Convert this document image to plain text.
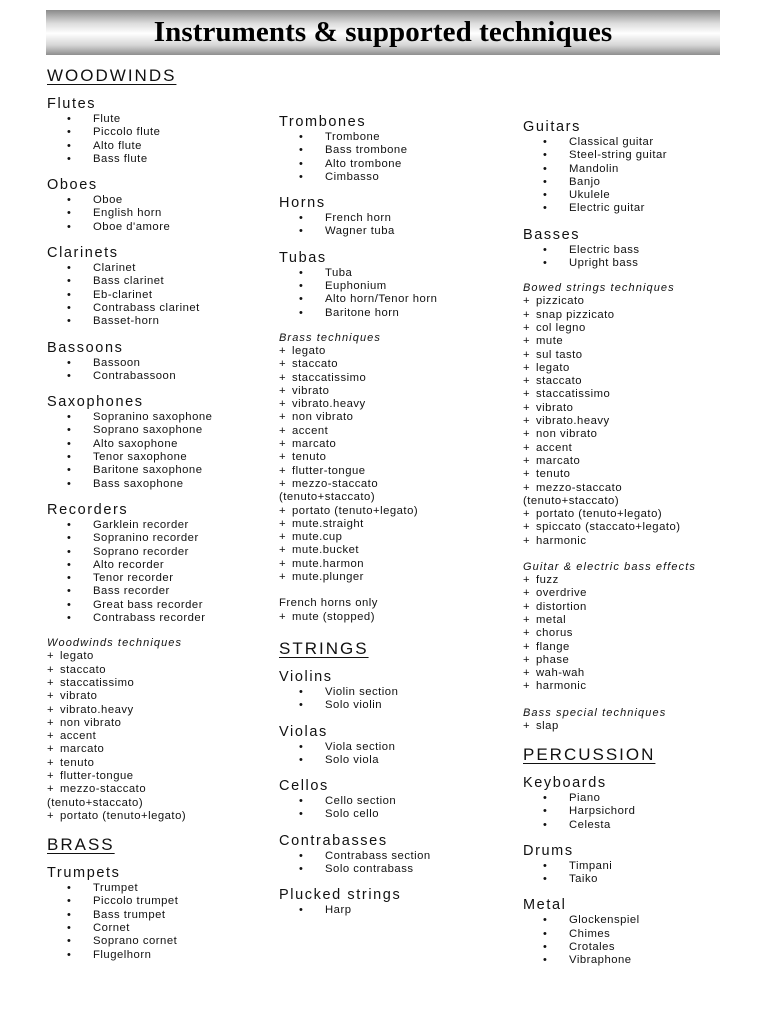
Instruments & supported techniques
WOODWINDS
Flutes
• Flute
• Piccolo flute
• Alto flute
• Bass flute
Oboes
• Oboe
• English horn
• Oboe d'amore
Clarinets
• Clarinet
• Bass clarinet
• Eb-clarinet
• Contrabass clarinet
• Basset-horn
Bassoons
• Bassoon
• Contrabassoon
Saxophones
• Sopranino saxophone
• Soprano saxophone
• Alto saxophone
• Tenor saxophone
• Baritone saxophone
• Bass saxophone
Recorders
• Garklein recorder
• Sopranino recorder
• Soprano recorder
• Alto recorder
• Tenor recorder
• Bass recorder
• Great bass recorder
• Contrabass recorder
Woodwinds techniques
+ legato
+ staccato
+ staccatissimo
+ vibrato
+ vibrato.heavy
+ non vibrato
+ accent
+ marcato
+ tenuto
+ flutter-tongue
+ mezzo-staccato
(tenuto+staccato)
+ portato (tenuto+legato)
BRASS
Trumpets
• Trumpet
• Piccolo trumpet
• Bass trumpet
• Cornet
• Soprano cornet
• Flugelhorn
Trombones
• Trombone
• Bass trombone
• Alto trombone
• Cimbasso
Horns
• French horn
• Wagner tuba
Tubas
• Tuba
• Euphonium
• Alto horn/Tenor horn
• Baritone horn
Brass techniques
+ legato
+ staccato
+ staccatissimo
+ vibrato
+ vibrato.heavy
+ non vibrato
+ accent
+ marcato
+ tenuto
+ flutter-tongue
+ mezzo-staccato
(tenuto+staccato)
+ portato (tenuto+legato)
+ mute.straight
+ mute.cup
+ mute.bucket
+ mute.harmon
+ mute.plunger
French horns only
+ mute (stopped)
STRINGS
Violins
• Violin section
• Solo violin
Violas
• Viola section
• Solo viola
Cellos
• Cello section
• Solo cello
Contrabasses
• Contrabass section
• Solo contrabass
Plucked strings
• Harp
Guitars
• Classical guitar
• Steel-string guitar
• Mandolin
• Banjo
• Ukulele
• Electric guitar
Basses
• Electric bass
• Upright bass
Bowed strings techniques
+ pizzicato
+ snap pizzicato
+ col legno
+ mute
+ sul tasto
+ legato
+ staccato
+ staccatissimo
+ vibrato
+ vibrato.heavy
+ non vibrato
+ accent
+ marcato
+ tenuto
+ mezzo-staccato
(tenuto+staccato)
+ portato (tenuto+legato)
+ spiccato (staccato+legato)
+ harmonic
Guitar & electric bass effects
+ fuzz
+ overdrive
+ distortion
+ metal
+ chorus
+ flange
+ phase
+ wah-wah
+ harmonic
Bass special techniques
+ slap
PERCUSSION
Keyboards
• Piano
• Harpsichord
• Celesta
Drums
• Timpani
• Taiko
Metal
• Glockenspiel
• Chimes
• Crotales
• Vibraphone
